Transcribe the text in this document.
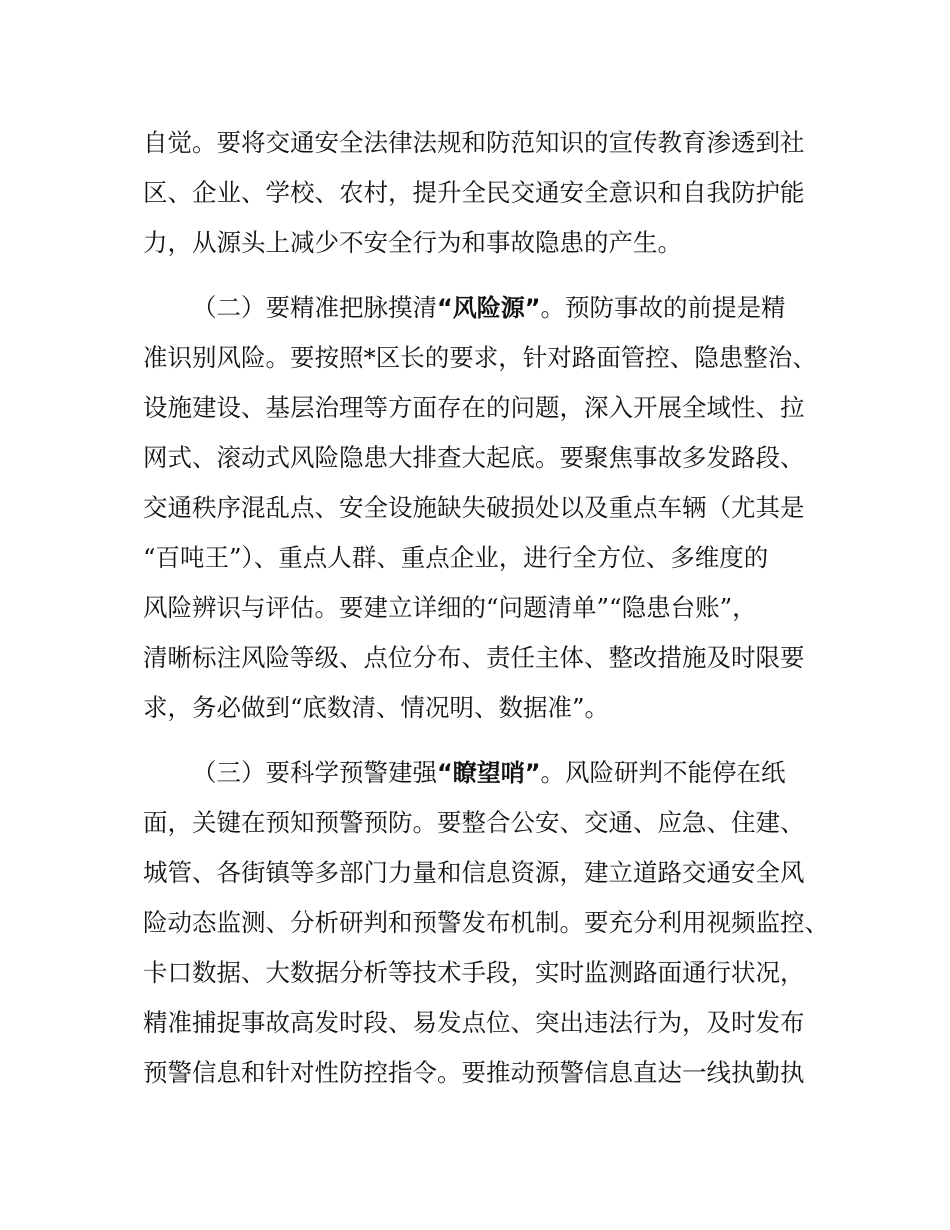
自觉。要将交通安全法律法规和防范知识的宣传教育渗透到社
区、企业、学校、农村，提升全民交通安全意识和自我防护能
力，从源头上减少不安全行为和事故隐患的产生。
（二）要精准把脉摸清“风险源”。预防事故的前提是精
准识别风险。要按照*区长的要求，针对路面管控、隐患整治、
设施建设、基层治理等方面存在的问题，深入开展全域性、拉
网式、滚动式风险隐患大排查大起底。要聚焦事故多发路段、
交通秩序混乱点、安全设施缺失破损处以及重点车辆（尤其是
“百吨王”）、重点人群、重点企业，进行全方位、多维度的
风险辨识与评估。要建立详细的“问题清单”“隐患台账”，
清晰标注风险等级、点位分布、责任主体、整改措施及时限要
求，务必做到“底数清、情况明、数据准”。
（三）要科学预警建强“瞭望哨”。风险研判不能停在纸
面，关键在预知预警预防。要整合公安、交通、应急、住建、
城管、各街镇等多部门力量和信息资源，建立道路交通安全风
险动态监测、分析研判和预警发布机制。要充分利用视频监控、
卡口数据、大数据分析等技术手段，实时监测路面通行状况，
精准捕捉事故高发时段、易发点位、突出违法行为，及时发布
预警信息和针对性防控指令。要推动预警信息直达一线执勤执
